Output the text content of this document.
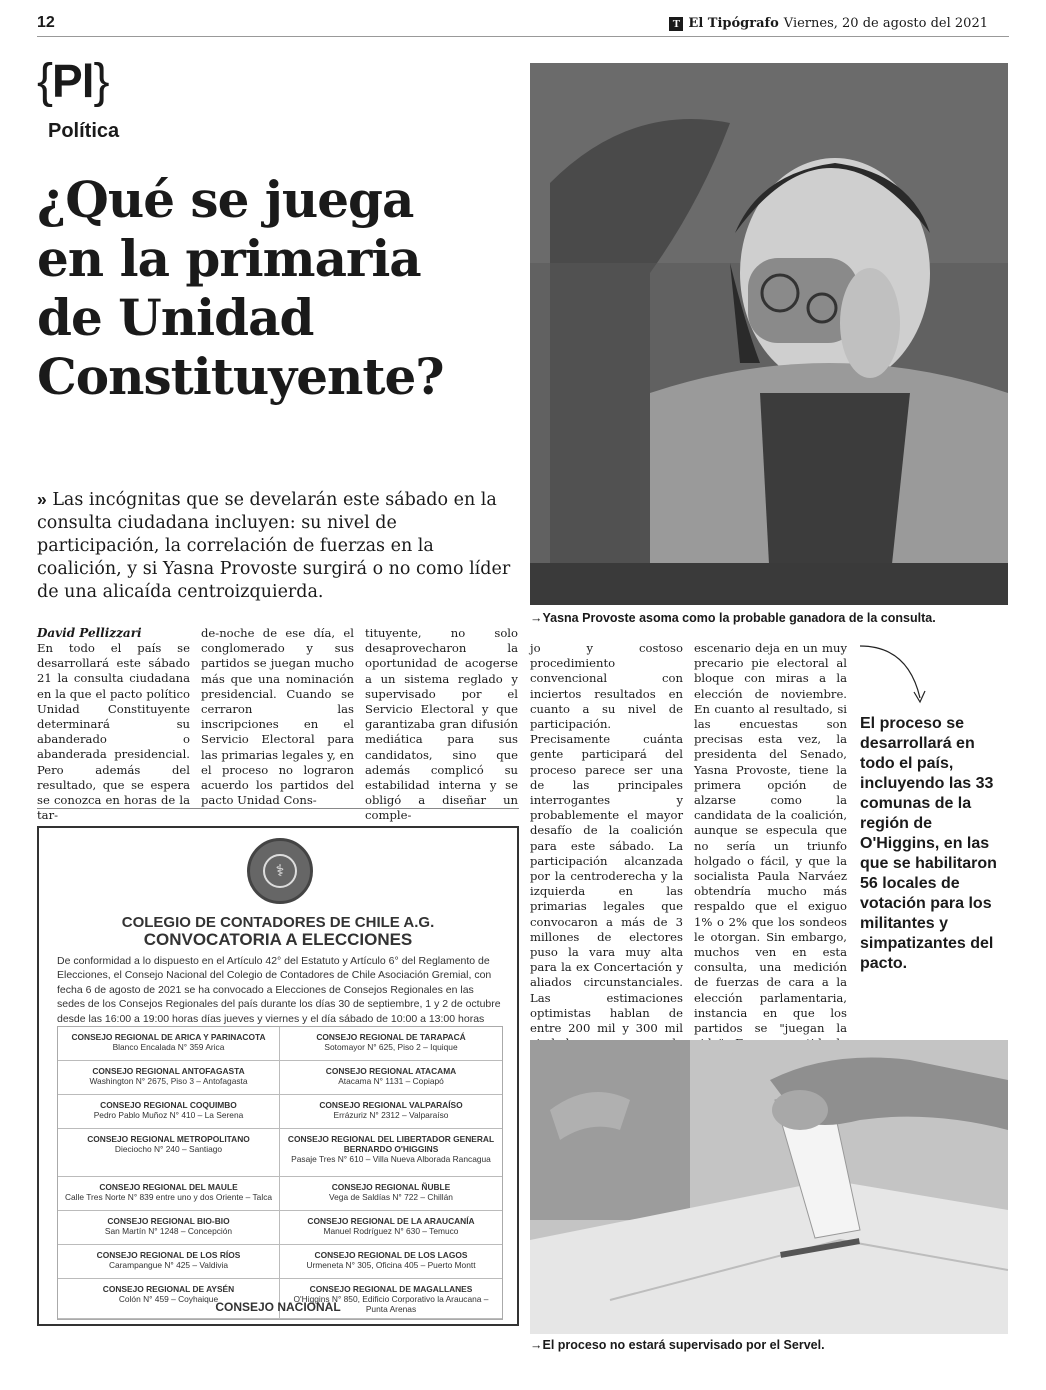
12	T El Tipógrafo Viernes, 20 de agosto del 2021
{Pl}
Política
¿Qué se juega
en la primaria
de Unidad
Constituyente?

» Las incógnitas que se develarán este sábado en la consulta ciudadana incluyen: su nivel de participación, la correlación de fuerzas en la coalición, y si Yasna Provoste surgirá o no como líder de una alicaída centroizquierda.

→Yasna Provoste asoma como la probable ganadora de la consulta.
David Pellizzari

En todo el país se desarrollará este sábado 21 la consulta ciudadana en la que el pacto político Unidad Constituyente determinará su abanderado o abanderada presidencial. Pero además del resultado, que se espera se conozca en horas de la tar-

de-noche de ese día, el conglomerado y sus partidos se juegan mucho más que una nominación presidencial. Cuando se cerraron las inscripciones en el Servicio Electoral para las primarias legales y, en el proceso no lograron acuerdo los partidos del pacto Unidad Cons-

tituyente, no solo desaprovecharon la oportunidad de acogerse a un sistema reglado y supervisado por el Servicio Electoral y que garantizaba gran difusión mediática para sus candidatos, sino que además complicó su estabilidad interna y se obligó a diseñar un comple-

jo y costoso procedimiento convencional con inciertos resultados en cuanto a su nivel de participación. Precisamente cuánta gente participará del proceso parece ser una de las principales interrogantes y probablemente el mayor desafío de la coalición para este sábado. La participación alcanzada por la centroderecha y la izquierda en las primarias legales que convocaron a más de 3 millones de electores puso la vara muy alta para la ex Concertación y aliados circunstanciales. Las estimaciones optimistas hablan de entre 200 mil y 300 mil

escenario deja en un muy precario pie electoral al bloque con miras a la elección de noviembre. En cuanto al resultado, si las encuestas son precisas esta vez, la presidenta del Senado, Yasna Provoste, tiene la primera opción de alzarse como la candidata de la coalición, aunque se especula que no sería un triunfo holgado o fácil, y que la socialista Paula Narváez obtendría mucho más respaldo que el exiguo 1% o 2% que los sondeos le otorgan. Sin embargo, muchos ven en esta consulta, una medición de fuerzas de cara a la elección parlamentaria, instancia en que los partidos se "juegan la

El proceso se desarrollará en todo el país, incluyendo las 33 comunas de la región de O'Higgins, en las que se habilitaron 56 locales de votación para los militantes y simpatizantes del pacto.

⚕
COLEGIO DE CONTADORES DE CHILE A.G.
CONVOCATORIA A ELECCIONES

De conformidad a lo dispuesto en el Artículo 42° del Estatuto y Artículo 6° del Reglamento de Elecciones, el Consejo Nacional del Colegio de Contadores de Chile Asociación Gremial, con fecha 6 de agosto de 2021 se ha convocado a Elecciones de Consejos Regionales en las sedes de los Consejos Regionales del país durante los días 30 de septiembre, 1 y 2 de octubre desde las 16:00 a 19:00 horas días jueves y viernes y el día sábado de 10:00 a 13:00 horas

CONSEJO REGIONAL DE ARICA Y PARINACOTA
Blanco Encalada N° 359 Arica
CONSEJO REGIONAL DE TARAPACÁ
Sotomayor N° 625, Piso 2 – Iquique
CONSEJO REGIONAL ANTOFAGASTA
Washington N° 2675, Piso 3 – Antofagasta
CONSEJO REGIONAL ATACAMA
Atacama N° 1131 – Copiapó
CONSEJO REGIONAL COQUIMBO
Pedro Pablo Muñoz N° 410 – La Serena
CONSEJO REGIONAL VALPARAÍSO
Errázuriz N° 2312 – Valparaíso
CONSEJO REGIONAL METROPOLITANO
Dieciocho N° 240 – Santiago
CONSEJO REGIONAL DEL LIBERTADOR GENERAL BERNARDO O'HIGGINS
Pasaje Tres N° 610 – Villa Nueva Alborada Rancagua
CONSEJO REGIONAL DEL MAULE
Calle Tres Norte N° 839 entre uno y dos Oriente – Talca
CONSEJO REGIONAL ÑUBLE
Vega de Saldías N° 722 – Chillán
CONSEJO REGIONAL BIO-BIO
San Martín N° 1248 – Concepción
CONSEJO REGIONAL DE LA ARAUCANÍA
Manuel Rodríguez N° 630 – Temuco
CONSEJO REGIONAL DE LOS RÍOS
Carampangue N° 425 – Valdivia
CONSEJO REGIONAL DE LOS LAGOS
Urmeneta N° 305, Oficina 405 – Puerto Montt
CONSEJO REGIONAL DE AYSÉN
Colón N° 459 – Coyhaique
CONSEJO REGIONAL DE MAGALLANES
O'Higgins N° 850, Edificio Corporativo la Araucana – Punta Arenas
CONSEJO NACIONAL
→El proceso no estará supervisado por el Servel.
